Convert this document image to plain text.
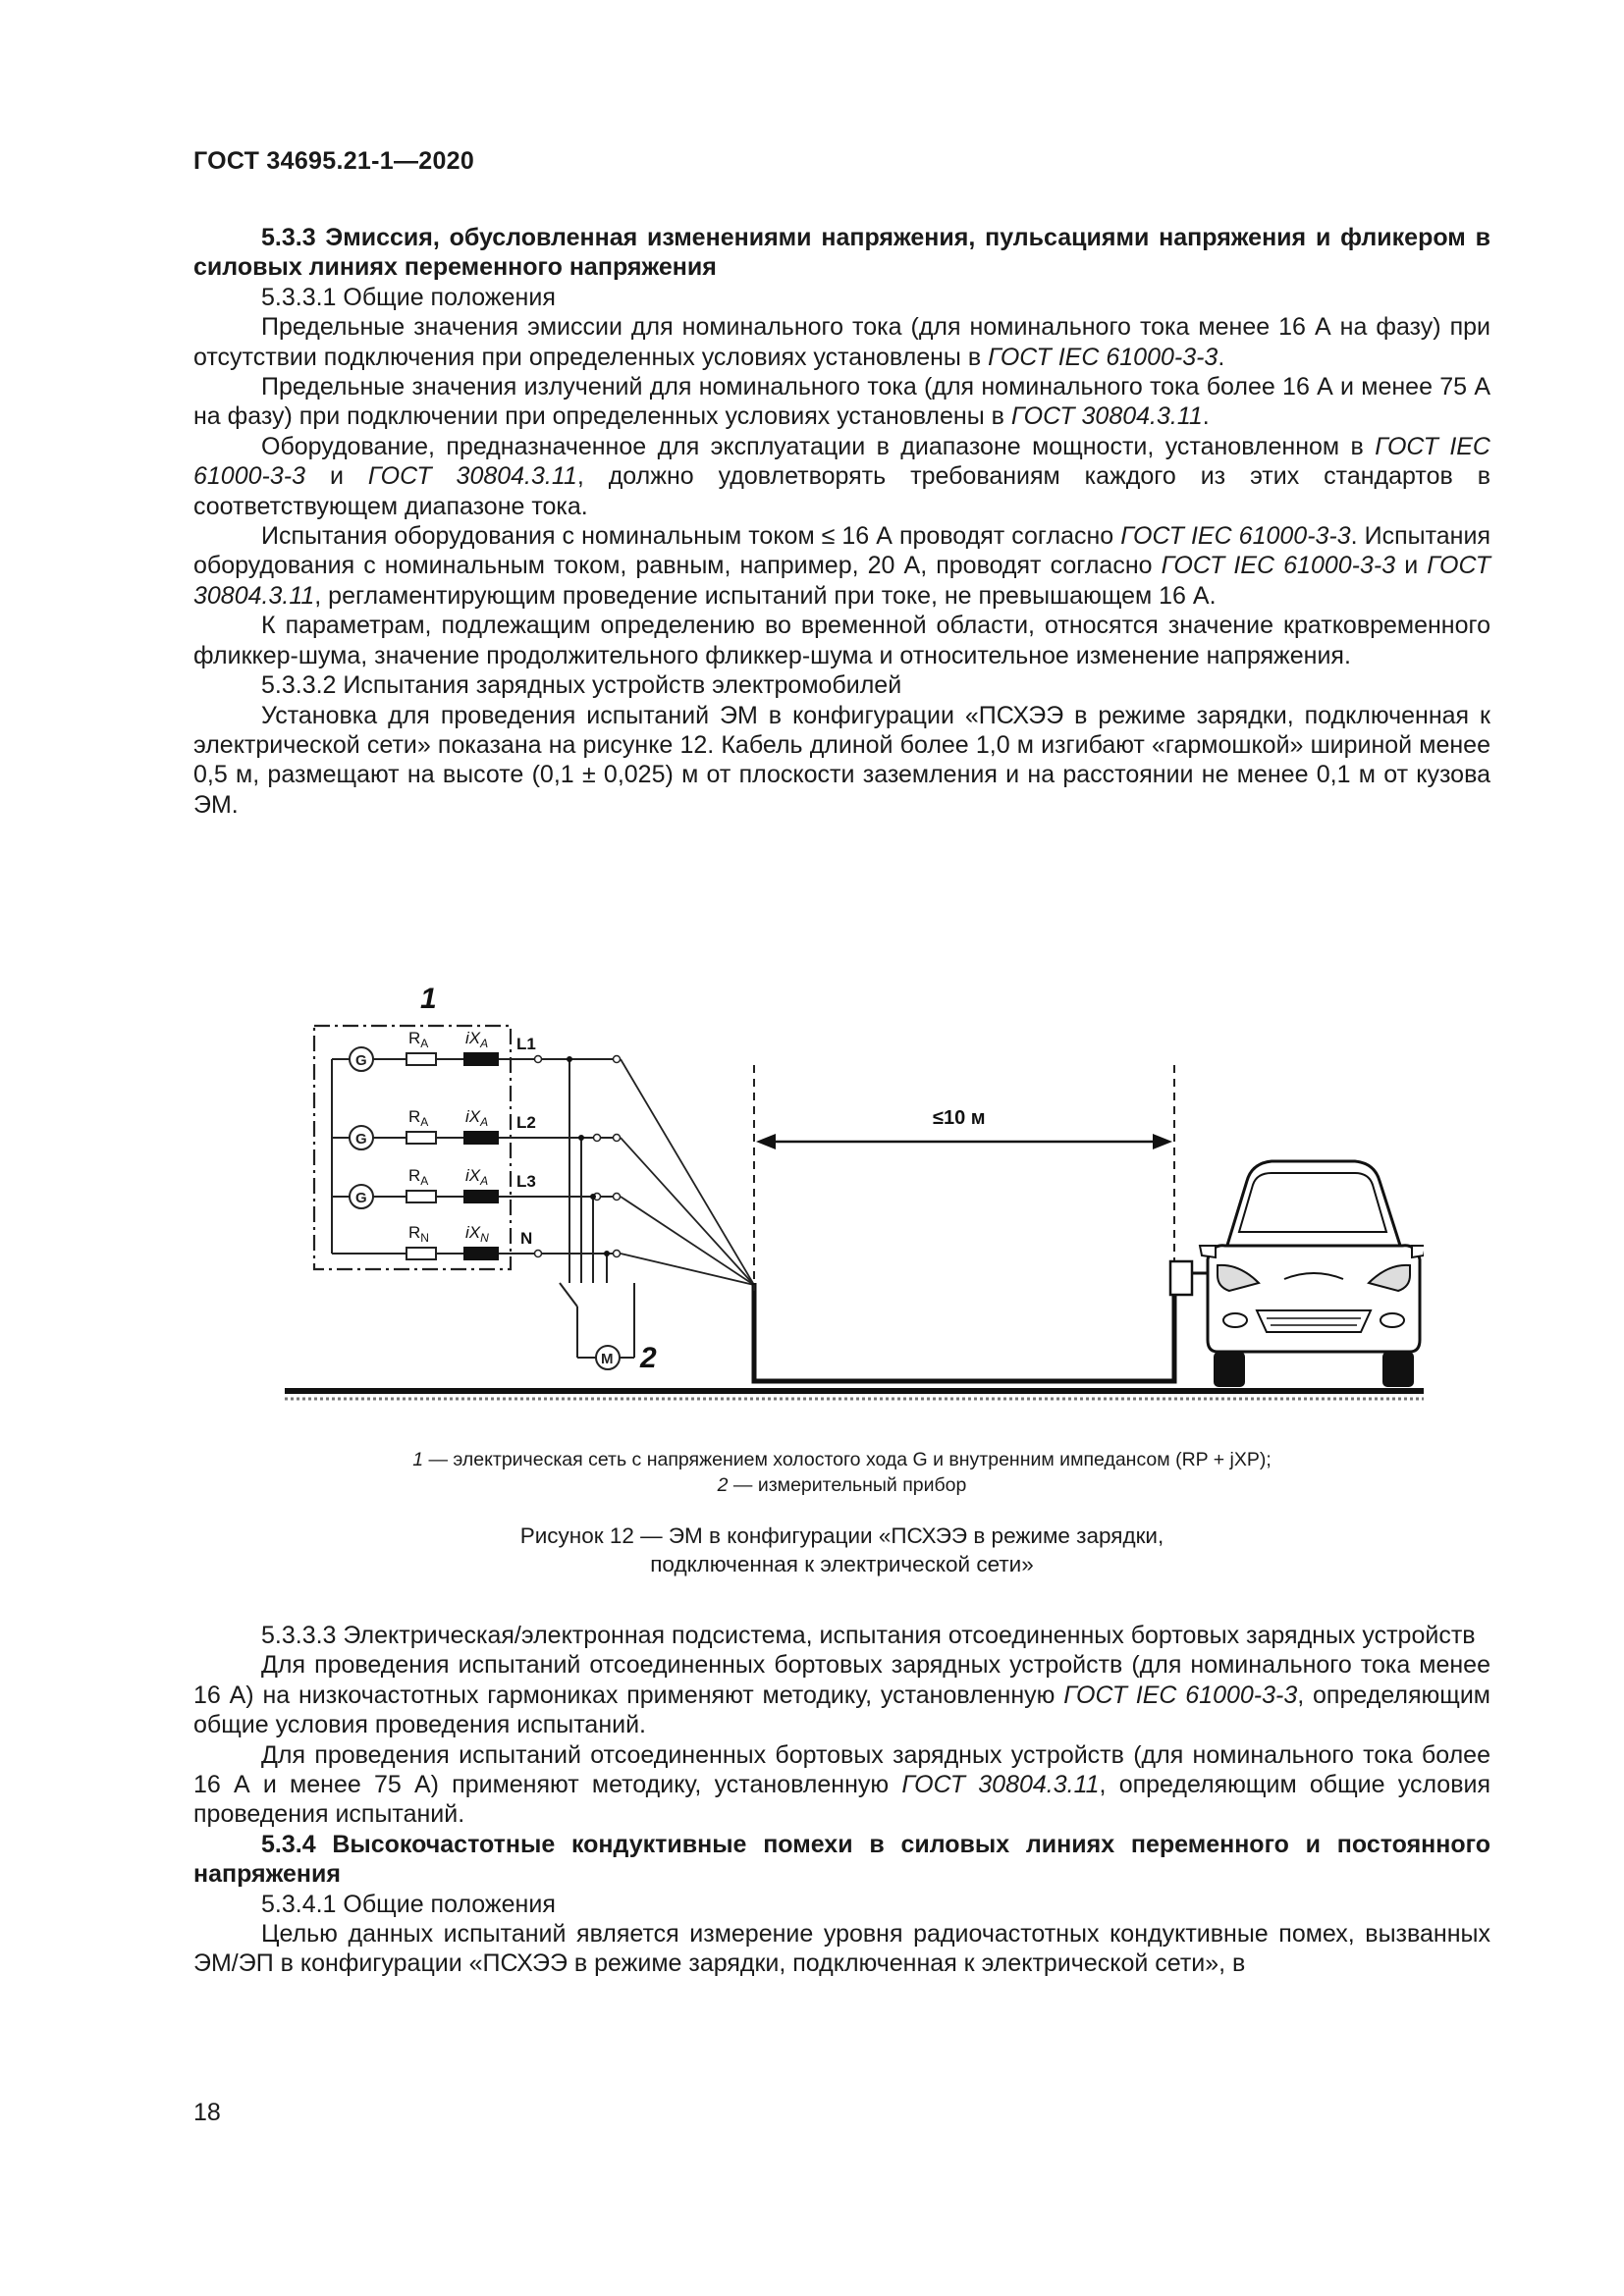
ГОСТ 34695.21-1—2020

5.3.3 Эмиссия, обусловленная изменениями напряжения, пульсациями напряжения и фликером в силовых линиях переменного напряжения

5.3.3.1 Общие положения

Предельные значения эмиссии для номинального тока (для номинального тока менее 16 А на фазу) при отсутствии подключения при определенных условиях установлены в ГОСТ IEC 61000-3-3.

Предельные значения излучений для номинального тока (для номинального тока более 16 А и менее 75 А на фазу) при подключении при определенных условиях установлены в ГОСТ 30804.3.11.

Оборудование, предназначенное для эксплуатации в диапазоне мощности, установленном в ГОСТ IEC 61000-3-3 и ГОСТ 30804.3.11, должно удовлетворять требованиям каждого из этих стандартов в соответствующем диапазоне тока.

Испытания оборудования с номинальным током ≤ 16 А проводят согласно ГОСТ IEC 61000-3-3. Испытания оборудования с номинальным током, равным, например, 20 А, проводят согласно ГОСТ IEC 61000-3-3 и ГОСТ 30804.3.11, регламентирующим проведение испытаний при токе, не превышающем 16 А.

К параметрам, подлежащим определению во временной области, относятся значение кратковременного фликкер-шума, значение продолжительного фликкер-шума и относительное изменение напряжения.

5.3.3.2 Испытания зарядных устройств электромобилей

Установка для проведения испытаний ЭМ в конфигурации «ПСХЭЭ в режиме зарядки, подключенная к электрической сети» показана на рисунке 12. Кабель длиной более 1,0 м изгибают «гармошкой» шириной менее 0,5 м, размещают на высоте (0,1 ± 0,025) м от плоскости заземления и на расстоянии не менее 0,1 м от кузова ЭМ.

1
G
$R_A$ $iX_A$ L1
G
$R_A$ $iX_A$ L2
G
$R_A$ $iX_A$ L3
$R_N$ $iX_N$ N
M 2
≤10 м
1 — электрическая сеть с напряжением холостого хода G и внутренним импедансом (RP + jXP);
2 — измерительный прибор
Рисунок 12 — ЭМ в конфигурации «ПСХЭЭ в режиме зарядки,
подключенная к электрической сети»

5.3.3.3 Электрическая/электронная подсистема, испытания отсоединенных бортовых зарядных устройств

Для проведения испытаний отсоединенных бортовых зарядных устройств (для номинального тока менее 16 А) на низкочастотных гармониках применяют методику, установленную ГОСТ IEC 61000-3-3, определяющим общие условия проведения испытаний.

Для проведения испытаний отсоединенных бортовых зарядных устройств (для номинального тока более 16 А и менее 75 А) применяют методику, установленную ГОСТ 30804.3.11, определяющим общие условия проведения испытаний.

5.3.4 Высокочастотные кондуктивные помехи в силовых линиях переменного и постоянного напряжения

5.3.4.1 Общие положения

Целью данных испытаний является измерение уровня радиочастотных кондуктивные помех, вызванных ЭМ/ЭП в конфигурации «ПСХЭЭ в режиме зарядки, подключенная к электрической сети», в

18
